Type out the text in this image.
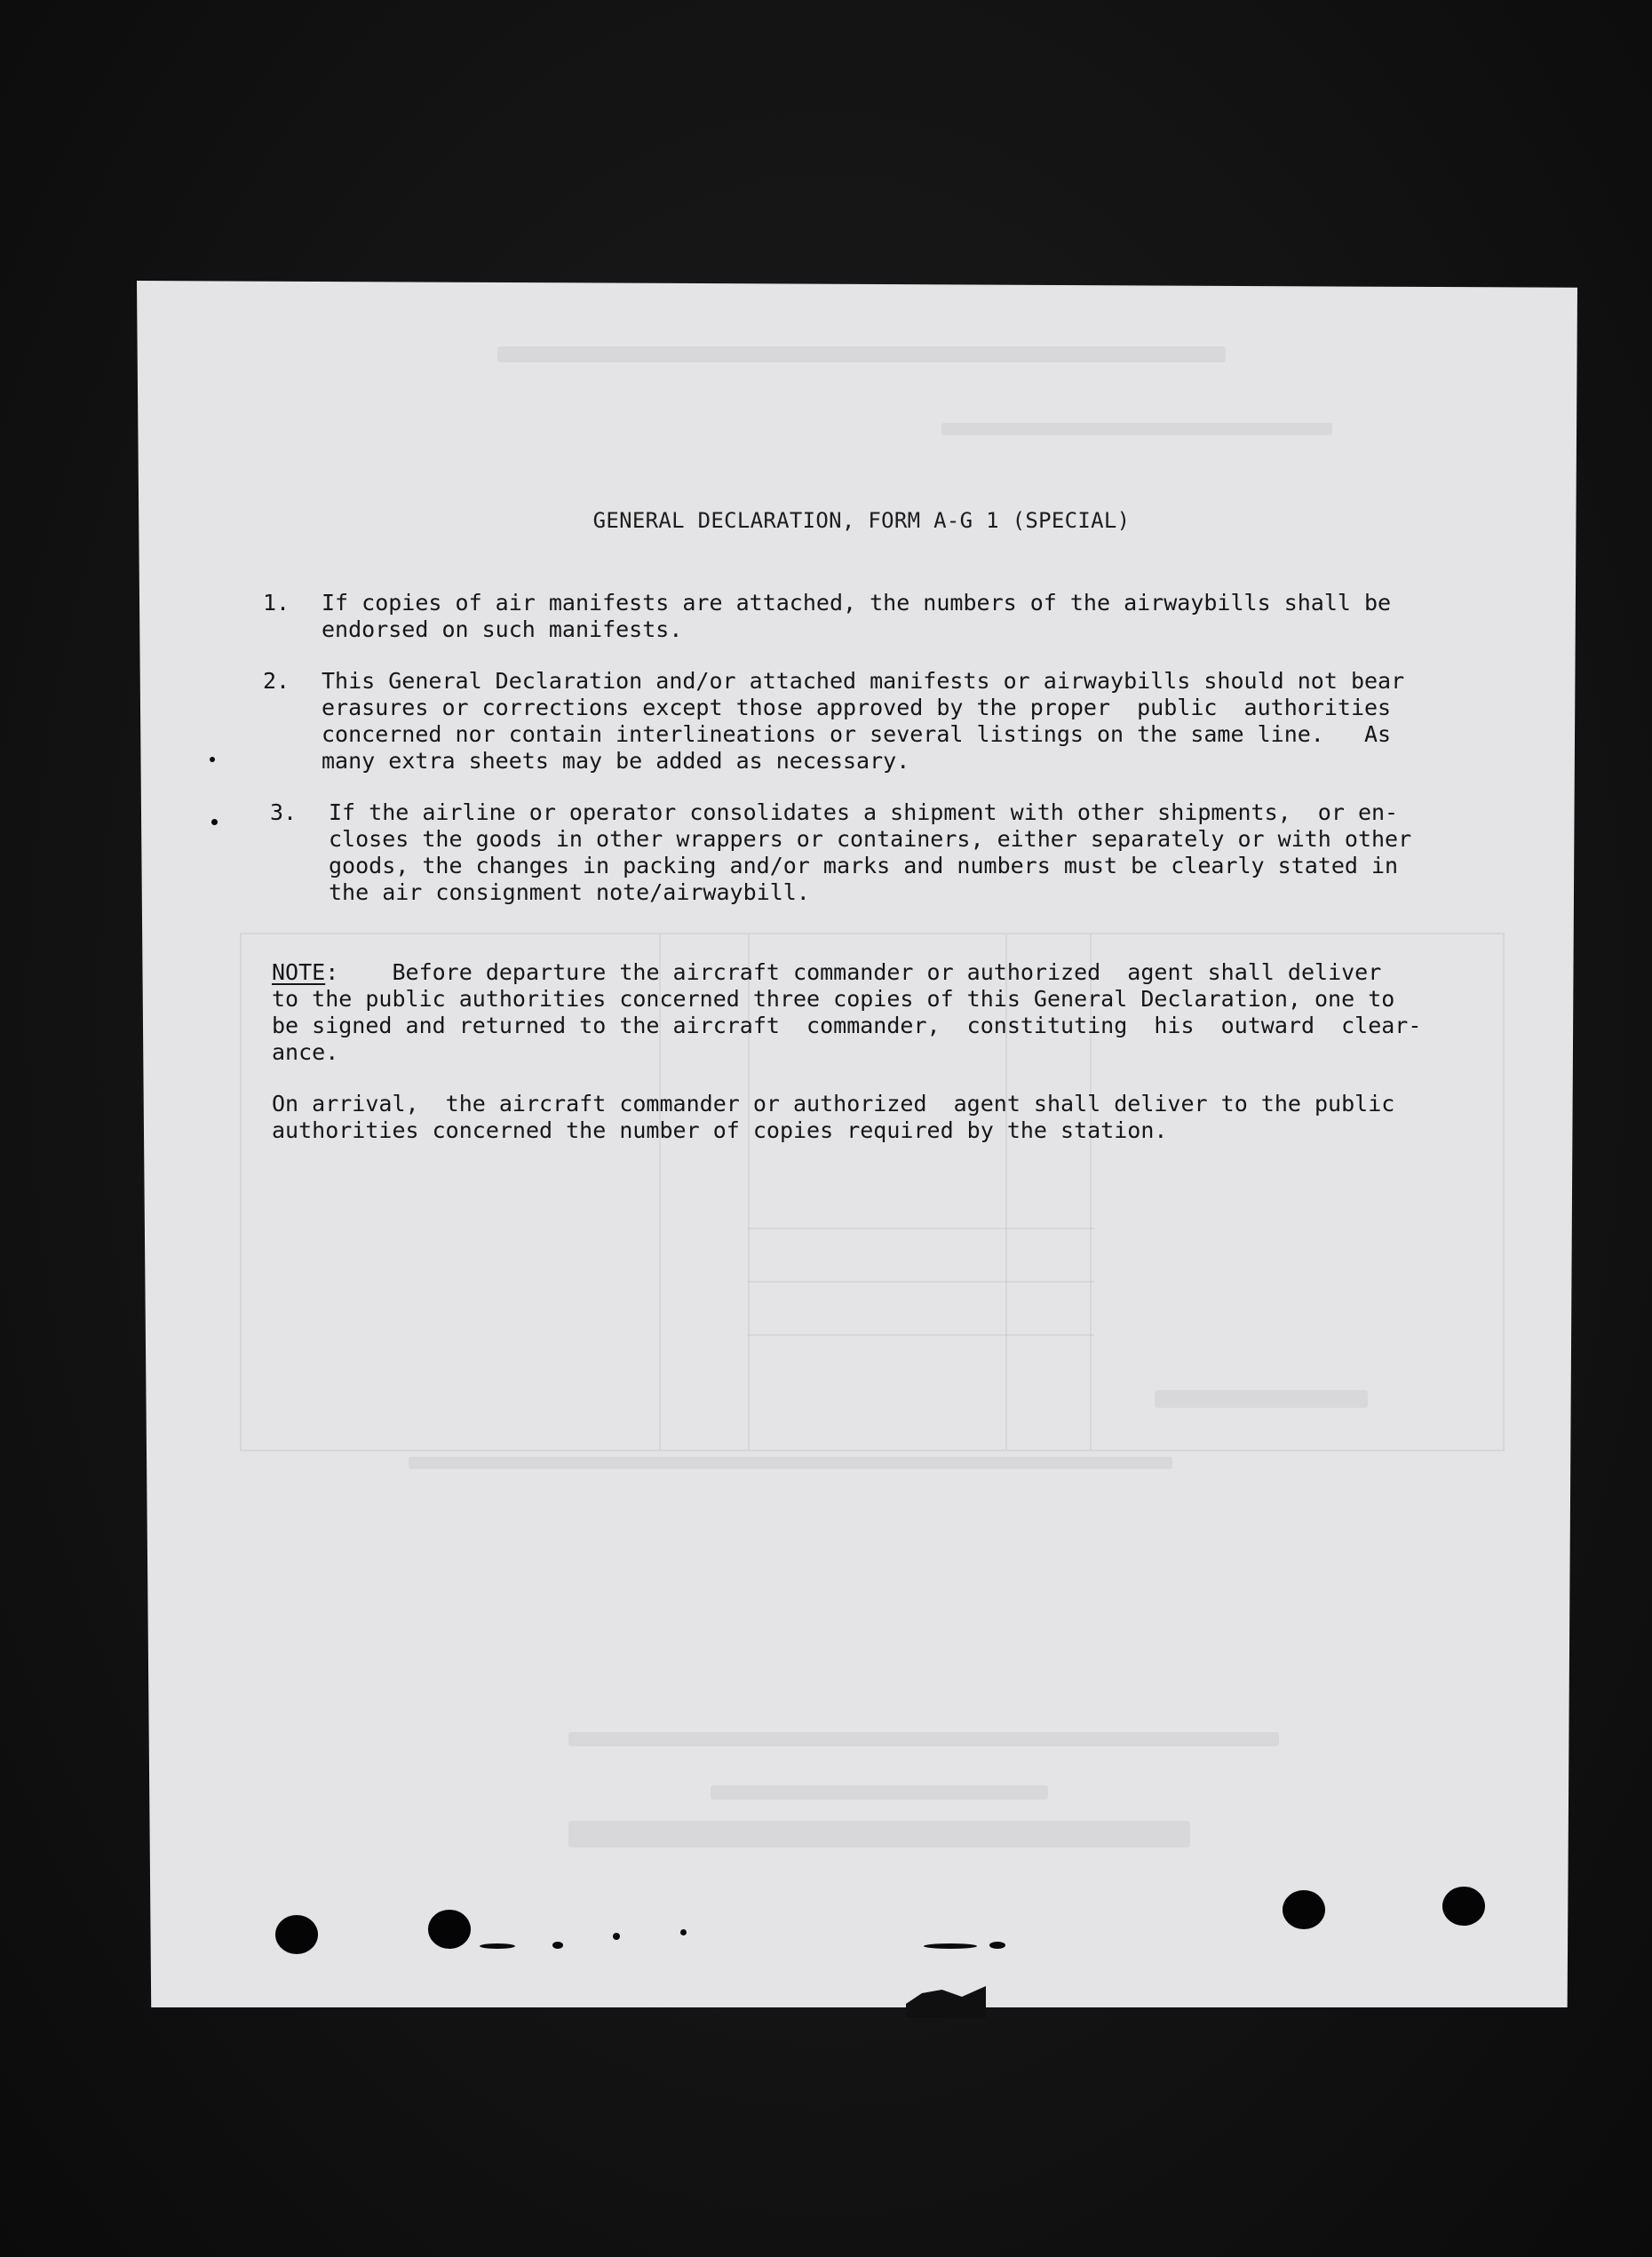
GENERAL DECLARATION, FORM A-G 1 (SPECIAL)
1. If copies of air manifests are attached, the numbers of the airwaybills shall be
endorsed on such manifests.
2. This General Declaration and/or attached manifests or airwaybills should not bear
erasures or corrections except those approved by the proper  public  authorities
concerned nor contain interlineations or several listings on the same line.   As
many extra sheets may be added as necessary.
3. If the airline or operator consolidates a shipment with other shipments,  or en-
closes the goods in other wrappers or containers, either separately or with other
goods, the changes in packing and/or marks and numbers must be clearly stated in
the air consignment note/airwaybill.
NOTE:    Before departure the aircraft commander or authorized  agent shall deliver
to the public authorities concerned three copies of this General Declaration, one to
be signed and returned to the aircraft  commander,  constituting  his  outward  clear-
ance.
On arrival,  the aircraft commander or authorized  agent shall deliver to the public
authorities concerned the number of copies required by the station.
